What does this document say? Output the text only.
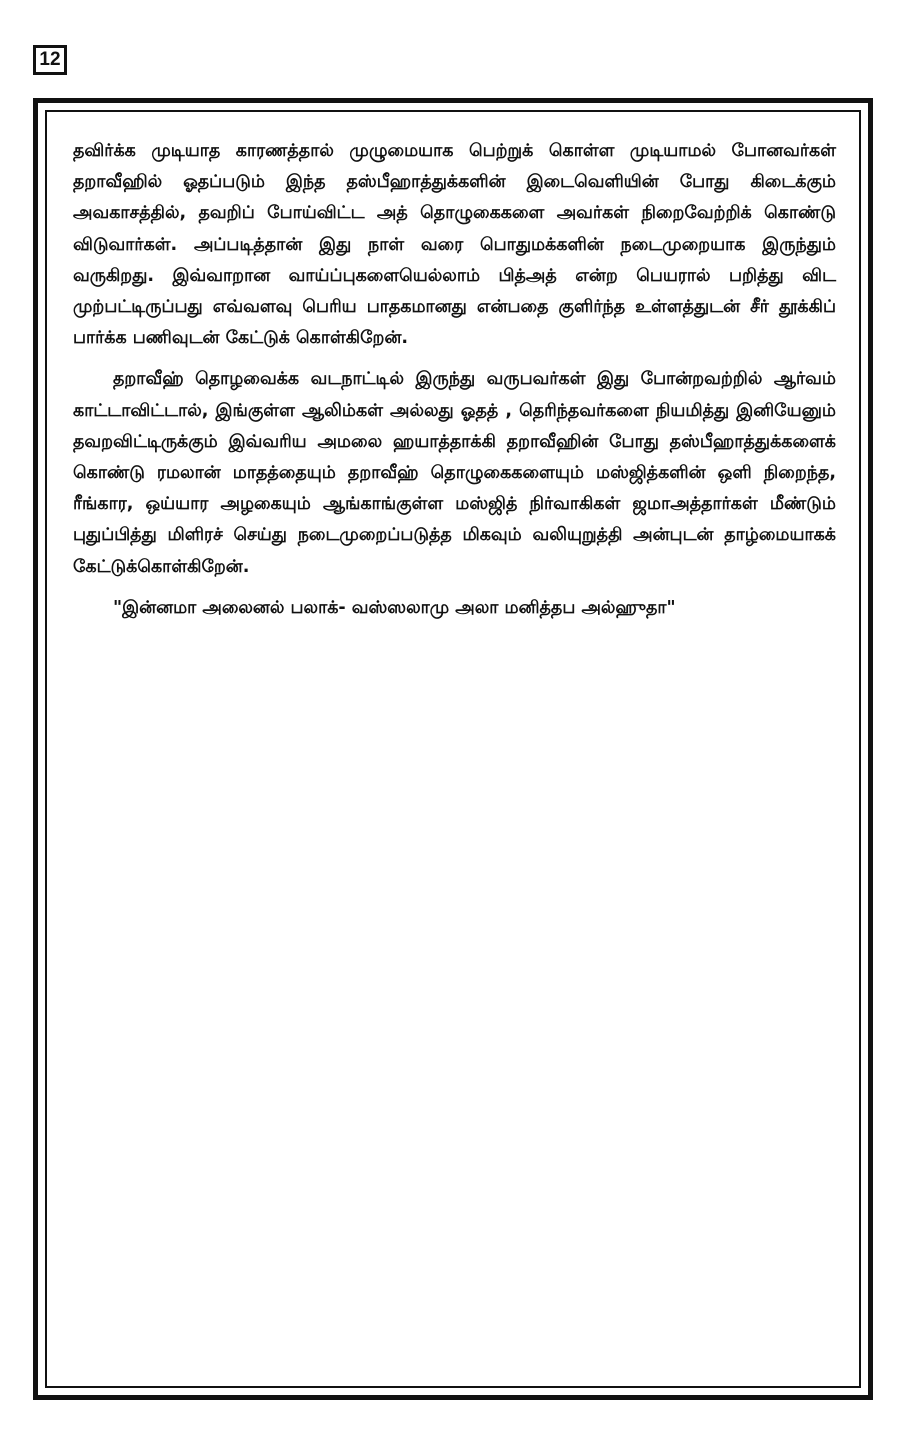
12

தவிர்க்க முடியாத காரணத்தால் முழுமையாக பெற்றுக் கொள்ள முடியாமல் போனவர்கள் தறாவீஹில் ஓதப்படும் இந்த தஸ்பீஹாத்துக்களின் இடைவெளியின் போது கிடைக்கும் அவகாசத்தில், தவறிப் போய்விட்ட அத் தொழுகைகளை அவர்கள் நிறைவேற்றிக் கொண்டு விடுவார்கள். அப்படித்தான் இது நாள் வரை பொதுமக்களின் நடைமுறையாக இருந்தும் வருகிறது. இவ்வாறான வாய்ப்புகளையெல்லாம் பித்அத் என்ற பெயரால் பறித்து விட முற்பட்டிருப்பது எவ்வளவு பெரிய பாதகமானது என்பதை குளிர்ந்த உள்ளத்துடன் சீர் தூக்கிப் பார்க்க பணிவுடன் கேட்டுக் கொள்கிறேன்.

தறாவீஹ் தொழவைக்க வடநாட்டில் இருந்து வருபவர்கள் இது போன்றவற்றில் ஆர்வம் காட்டாவிட்டால், இங்குள்ள ஆலிம்கள் அல்லது ஓதத் , தெரிந்தவர்களை நியமித்து இனியேனும் தவறவிட்டிருக்கும் இவ்வரிய அமலை ஹயாத்தாக்கி தறாவீஹின் போது தஸ்பீஹாத்துக்களைக் கொண்டு ரமலான் மாதத்தையும் தறாவீஹ் தொழுகைகளையும் மஸ்ஜித்களின் ஒளி நிறைந்த, ரீங்கார, ஒய்யார அழகையும் ஆங்காங்குள்ள மஸ்ஜித் நிர்வாகிகள் ஜமாஅத்தார்கள் மீண்டும் புதுப்பித்து மிளிரச் செய்து நடைமுறைப்படுத்த மிகவும் வலியுறுத்தி அன்புடன் தாழ்மையாகக் கேட்டுக்கொள்கிறேன்.

"இன்னமா அலைனல் பலாக்- வஸ்ஸலாமு அலா மனித்தப அல்ஹுதா"
